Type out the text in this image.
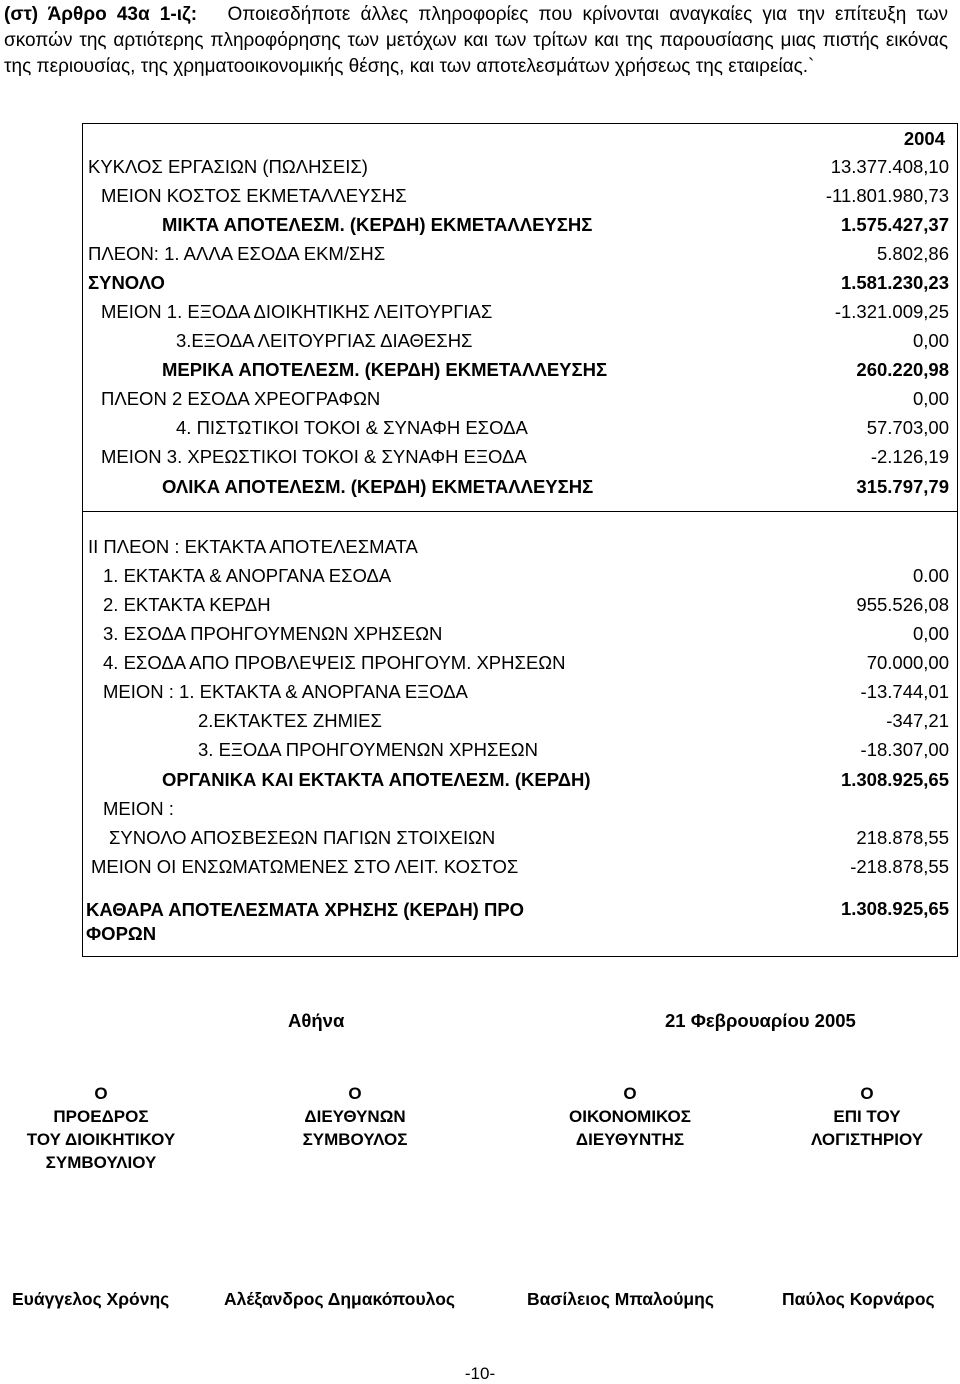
(στ) Άρθρο 43α 1-ιζ: Οποιεσδήποτε άλλες πληροφορίες που κρίνονται αναγκαίες για την επίτευξη των σκοπών της αρτιότερης πληροφόρησης των μετόχων και των τρίτων και της παρουσίασης μιας πιστής εικόνας της περιουσίας, της χρηματοοικονομικής θέσης, και των αποτελεσμάτων χρήσεως της εταιρείας.`
2004
ΚΥΚΛΟΣ ΕΡΓΑΣΙΩΝ (ΠΩΛΗΣΕΙΣ)	13.377.408,10
ΜΕΙΟΝ ΚΟΣΤΟΣ ΕΚΜΕΤΑΛΛΕΥΣΗΣ	-11.801.980,73
ΜΙΚΤΑ ΑΠΟΤΕΛΕΣΜ. (ΚΕΡΔΗ) ΕΚΜΕΤΑΛΛΕΥΣΗΣ	1.575.427,37
ΠΛΕΟΝ: 1. ΑΛΛΑ ΕΣΟΔΑ ΕΚΜ/ΣΗΣ	5.802,86
ΣΥΝΟΛΟ	1.581.230,23
ΜΕΙΟΝ 1. ΕΞΟΔΑ ΔΙΟΙΚΗΤΙΚΗΣ ΛΕΙΤΟΥΡΓΙΑΣ	-1.321.009,25
3.ΕΞΟΔΑ ΛΕΙΤΟΥΡΓΙΑΣ ΔΙΑΘΕΣΗΣ	0,00
ΜΕΡΙΚΑ ΑΠΟΤΕΛΕΣΜ. (ΚΕΡΔΗ) ΕΚΜΕΤΑΛΛΕΥΣΗΣ	260.220,98
ΠΛΕΟΝ 2 ΕΣΟΔΑ ΧΡΕΟΓΡΑΦΩΝ	0,00
4. ΠΙΣΤΩΤΙΚΟΙ ΤΟΚΟΙ & ΣΥΝΑΦΗ ΕΣΟΔΑ	57.703,00
ΜΕΙΟΝ 3. ΧΡΕΩΣΤΙΚΟΙ ΤΟΚΟΙ & ΣΥΝΑΦΗ ΕΞΟΔΑ	-2.126,19
ΟΛΙΚΑ ΑΠΟΤΕΛΕΣΜ. (ΚΕΡΔΗ) ΕΚΜΕΤΑΛΛΕΥΣΗΣ	315.797,79
ΙΙ ΠΛΕΟΝ : ΕΚΤΑΚΤΑ ΑΠΟΤΕΛΕΣΜΑΤΑ
1. ΕΚΤΑΚΤΑ & ΑΝΟΡΓΑΝΑ ΕΣΟΔΑ	0.00
2. ΕΚΤΑΚΤΑ ΚΕΡΔΗ	955.526,08
3. ΕΣΟΔΑ ΠΡΟΗΓΟΥΜΕΝΩΝ ΧΡΗΣΕΩΝ	0,00
4. ΕΣΟΔΑ ΑΠΟ ΠΡΟΒΛΕΨΕΙΣ ΠΡΟΗΓΟΥΜ. ΧΡΗΣΕΩΝ	70.000,00
ΜΕΙΟΝ : 1. ΕΚΤΑΚΤΑ & ΑΝΟΡΓΑΝΑ ΕΞΟΔΑ	-13.744,01
2.ΕΚΤΑΚΤΕΣ ΖΗΜΙΕΣ	-347,21
3. ΕΞΟΔΑ ΠΡΟΗΓΟΥΜΕΝΩΝ ΧΡΗΣΕΩΝ	-18.307,00
ΟΡΓΑΝΙΚΑ ΚΑΙ ΕΚΤΑΚΤΑ ΑΠΟΤΕΛΕΣΜ. (ΚΕΡΔΗ)	1.308.925,65
ΜΕΙΟΝ :
ΣΥΝΟΛΟ ΑΠΟΣΒΕΣΕΩΝ ΠΑΓΙΩΝ ΣΤΟΙΧΕΙΩΝ	218.878,55
ΜΕΙΟΝ ΟΙ ΕΝΣΩΜΑΤΩΜΕΝΕΣ ΣΤΟ ΛΕΙΤ. ΚΟΣΤΟΣ	-218.878,55
ΚΑΘΑΡΑ ΑΠΟΤΕΛΕΣΜΑΤΑ ΧΡΗΣΗΣ (ΚΕΡΔΗ) ΠΡΟ
ΦΟΡΩΝ
1.308.925,65
Αθήνα	21 Φεβρουαρίου 2005
Ο
ΠΡΟΕΔΡΟΣ
ΤΟΥ ΔΙΟΙΚΗΤΙΚΟΥ
ΣΥΜΒΟΥΛΙΟΥ
Ο
ΔΙΕΥΘΥΝΩΝ
ΣΥΜΒΟΥΛΟΣ
Ο
ΟΙΚΟΝΟΜΙΚΟΣ
ΔΙΕΥΘΥΝΤΗΣ
Ο
ΕΠΙ ΤΟΥ
ΛΟΓΙΣΤΗΡΙΟΥ
Ευάγγελος Χρόνης	Αλέξανδρος Δημακόπουλος	Βασίλειος Μπαλούμης	Παύλος Κορνάρος
-10-
